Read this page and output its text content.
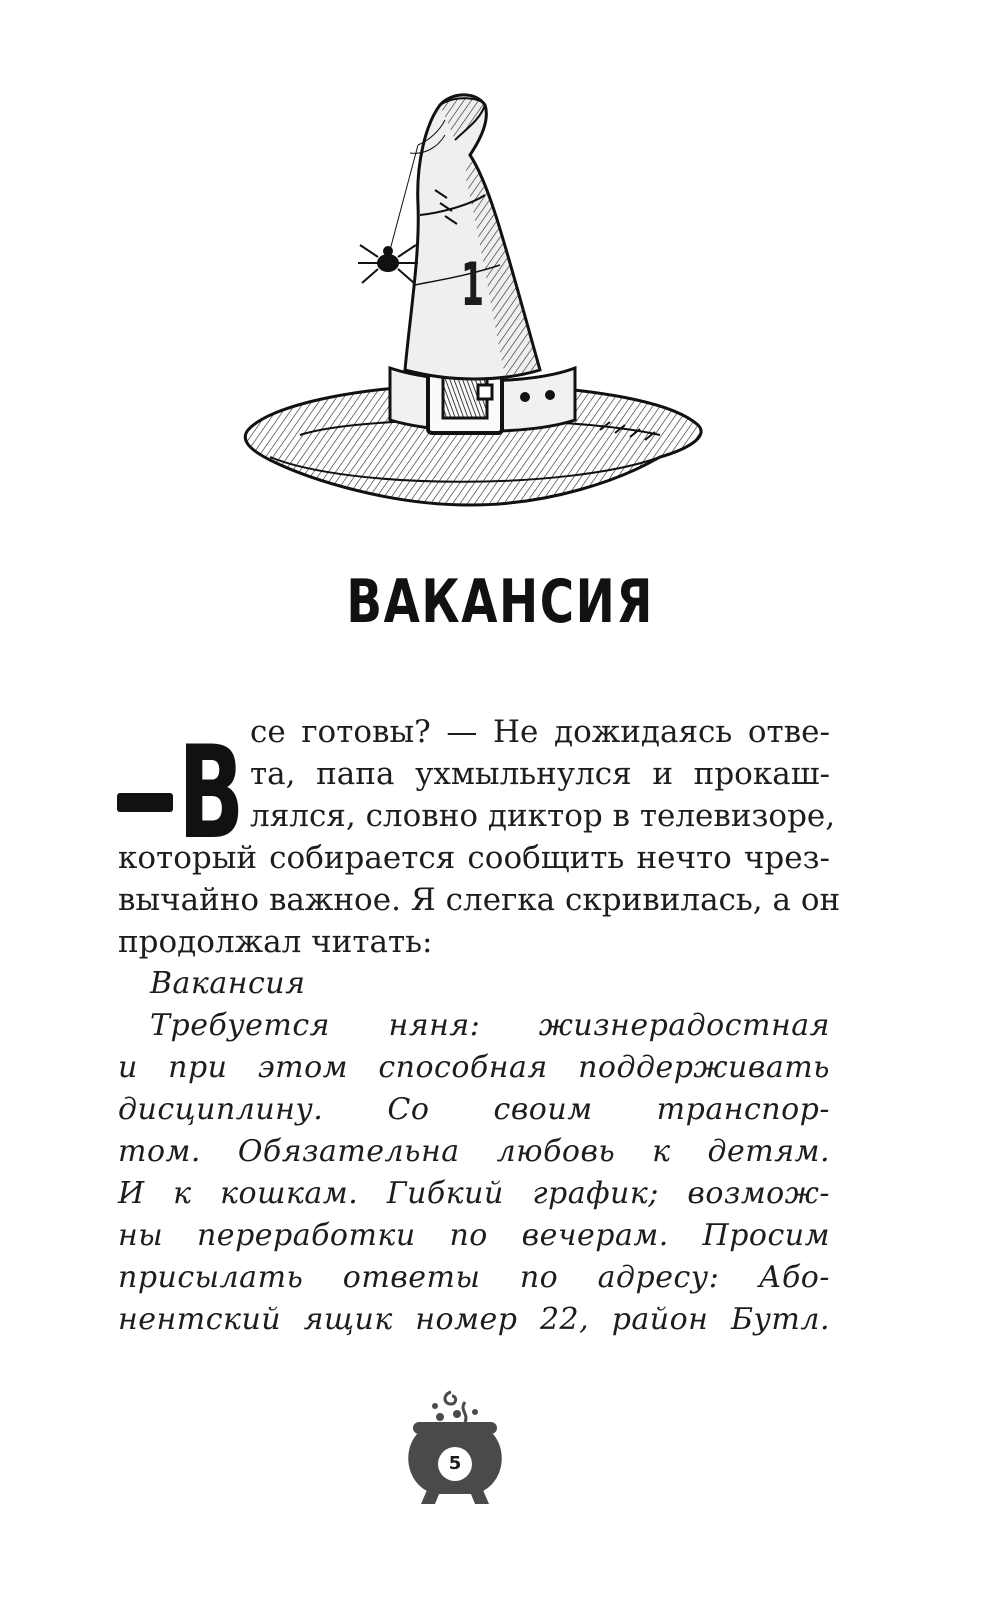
1
ВАКАНСИЯ
В се готовы? — Не дожидаясь отве-
та, папа ухмыльнулся и прокаш-
лялся, словно диктор в телевизоре,
который собирается сообщить нечто чрез-
вычайно важное. Я слегка скривилась, а он
продолжал читать:
Вакансия
Требуется няня: жизнерадостная
и при этом способная поддерживать
дисциплину. Со своим транспор-
том. Обязательна любовь к детям.
И к кошкам. Гибкий график; возмож-
ны переработки по вечерам. Просим
присылать ответы по адресу: Або-
нентский ящик номер 22, район Бутл.
5
